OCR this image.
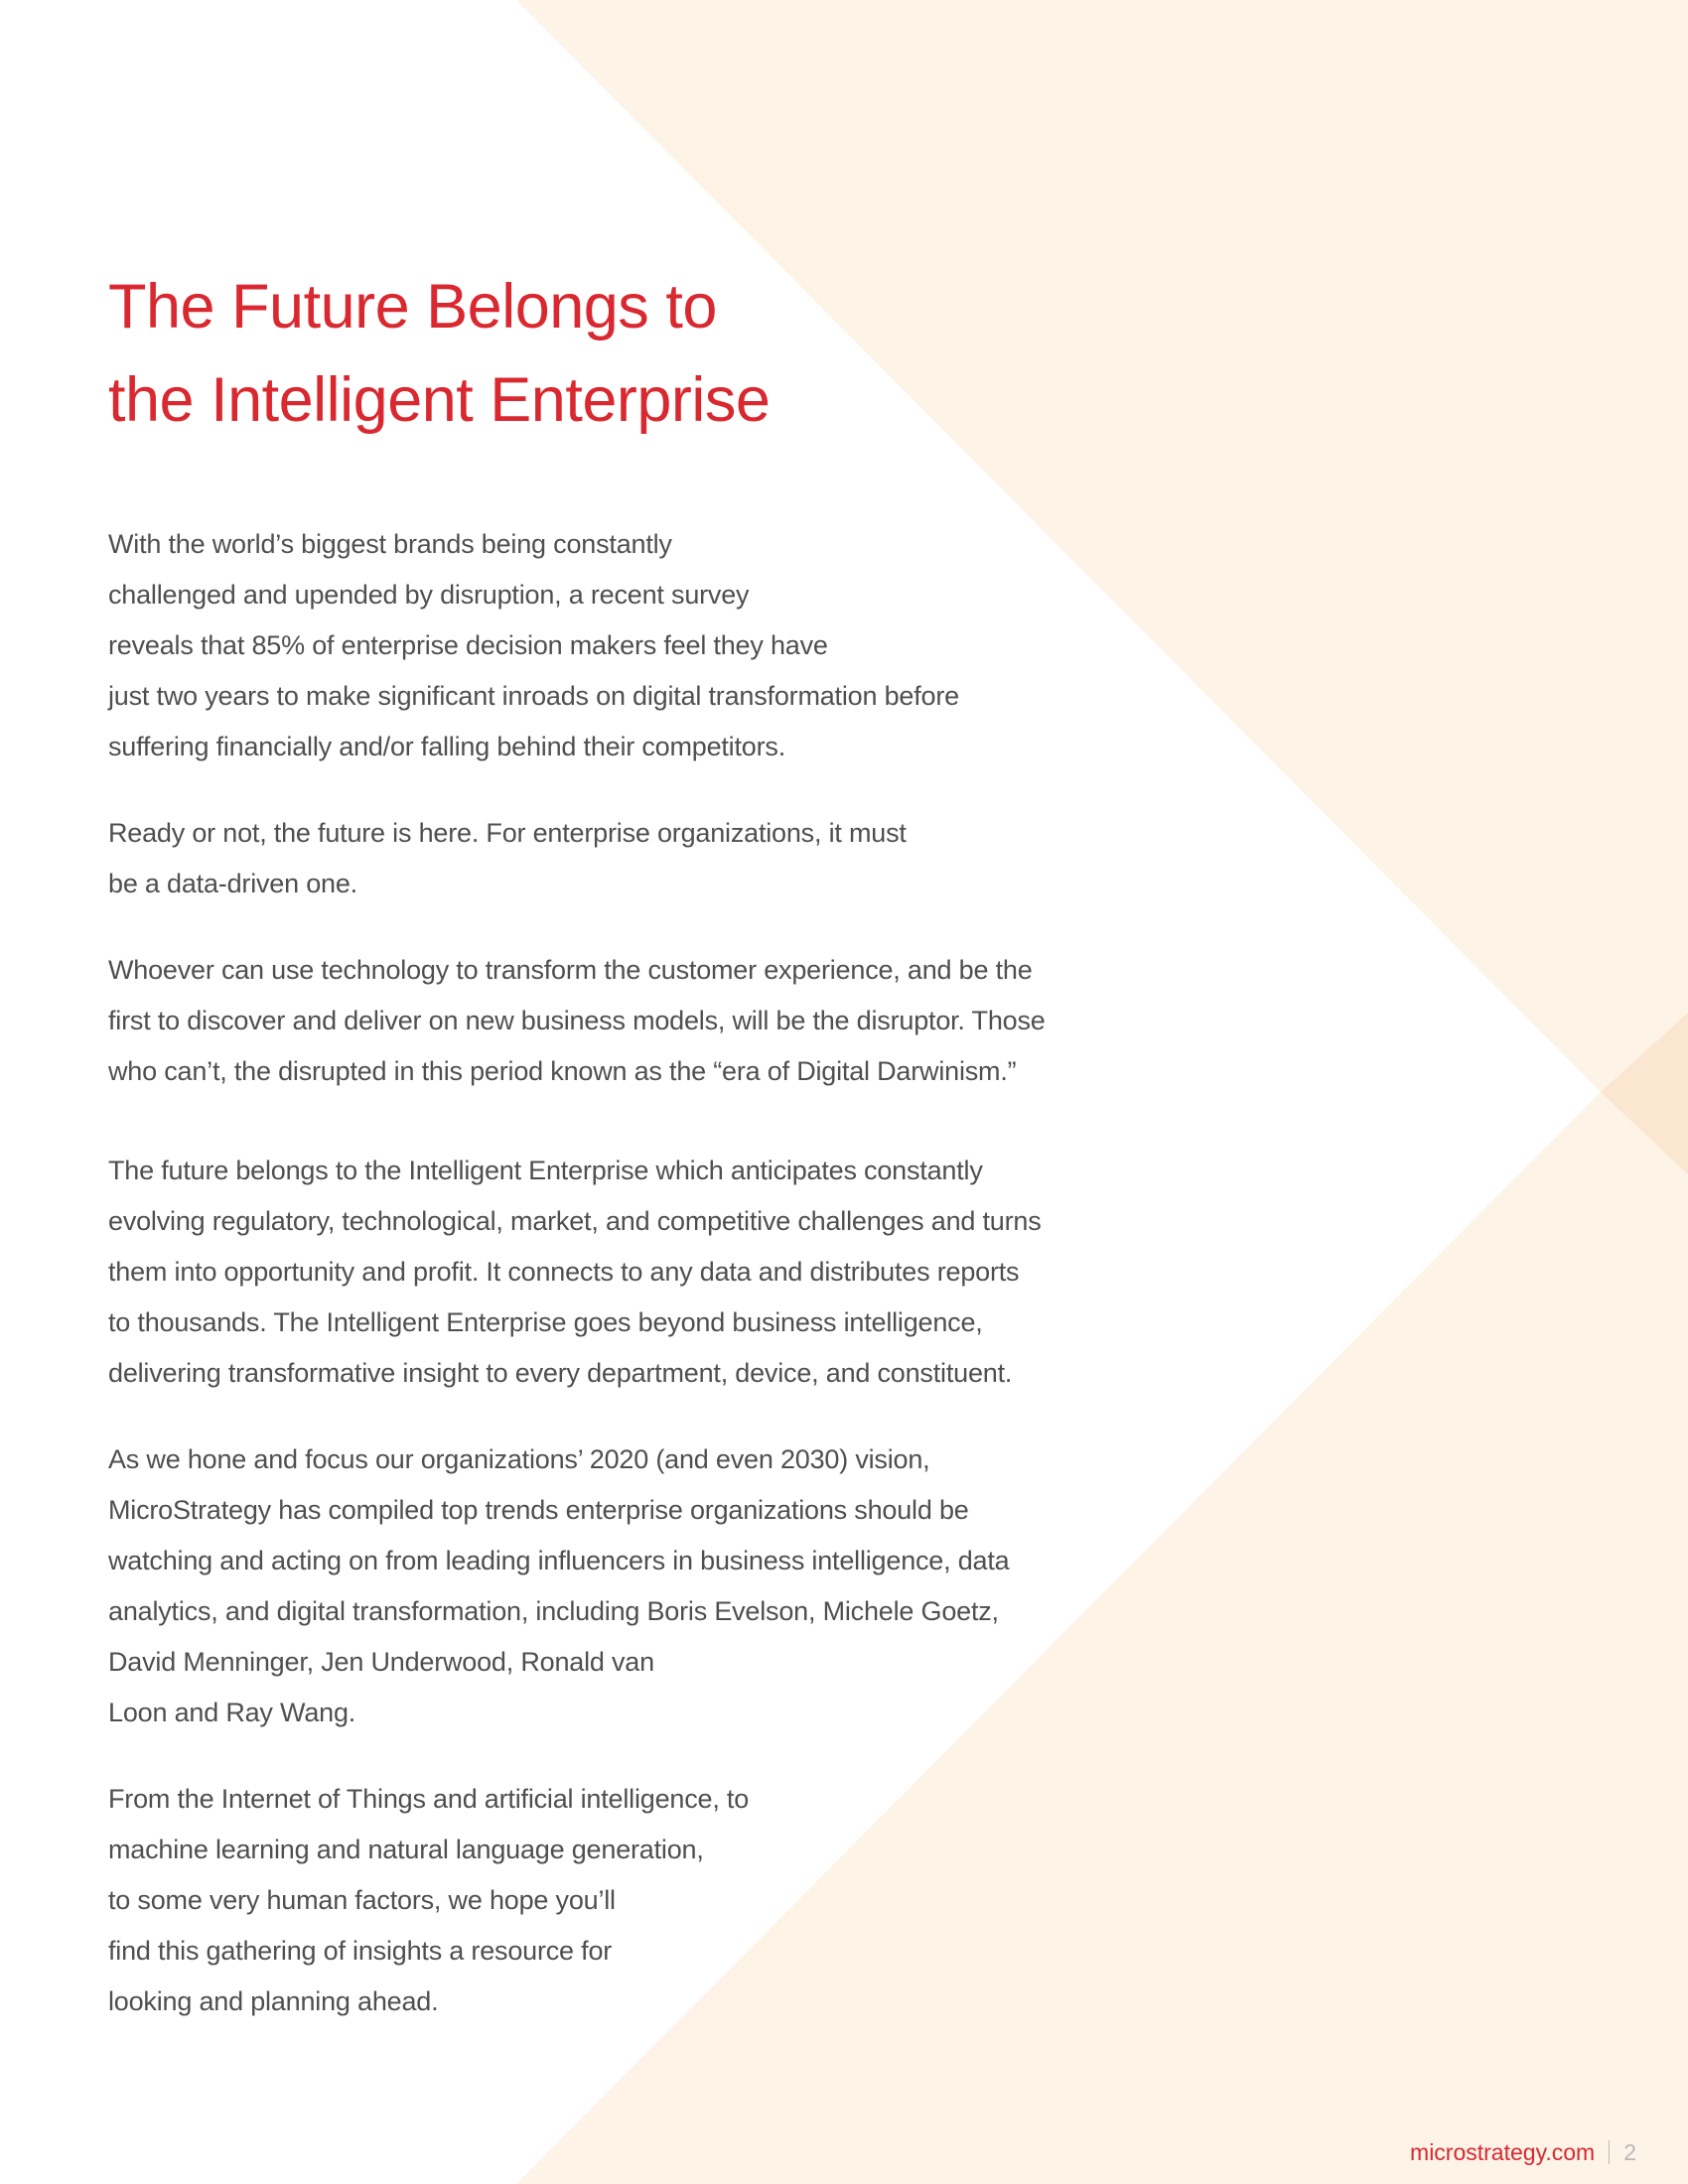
The Future Belongs to
the Intelligent Enterprise

With the world’s biggest brands being constantly
challenged and upended by disruption, a recent survey
reveals that 85% of enterprise decision makers feel they have
just two years to make significant inroads on digital transformation before
suffering financially and/or falling behind their competitors.

Ready or not, the future is here. For enterprise organizations, it must
be a data-driven one.

Whoever can use technology to transform the customer experience, and be the
first to discover and deliver on new business models, will be the disruptor. Those
who can’t, the disrupted in this period known as the “era of Digital Darwinism.”

The future belongs to the Intelligent Enterprise which anticipates constantly
evolving regulatory, technological, market, and competitive challenges and turns
them into opportunity and profit. It connects to any data and distributes reports
to thousands. The Intelligent Enterprise goes beyond business intelligence,
delivering transformative insight to every department, device, and constituent.

As we hone and focus our organizations’ 2020 (and even 2030) vision,
MicroStrategy has compiled top trends enterprise organizations should be
watching and acting on from leading influencers in business intelligence, data
analytics, and digital transformation, including Boris Evelson, Michele Goetz,
David Menninger, Jen Underwood, Ronald van
Loon and Ray Wang.

From the Internet of Things and artificial intelligence, to
machine learning and natural language generation,
to some very human factors, we hope you’ll
find this gathering of insights a resource for
looking and planning ahead.

microstrategy.com 2
